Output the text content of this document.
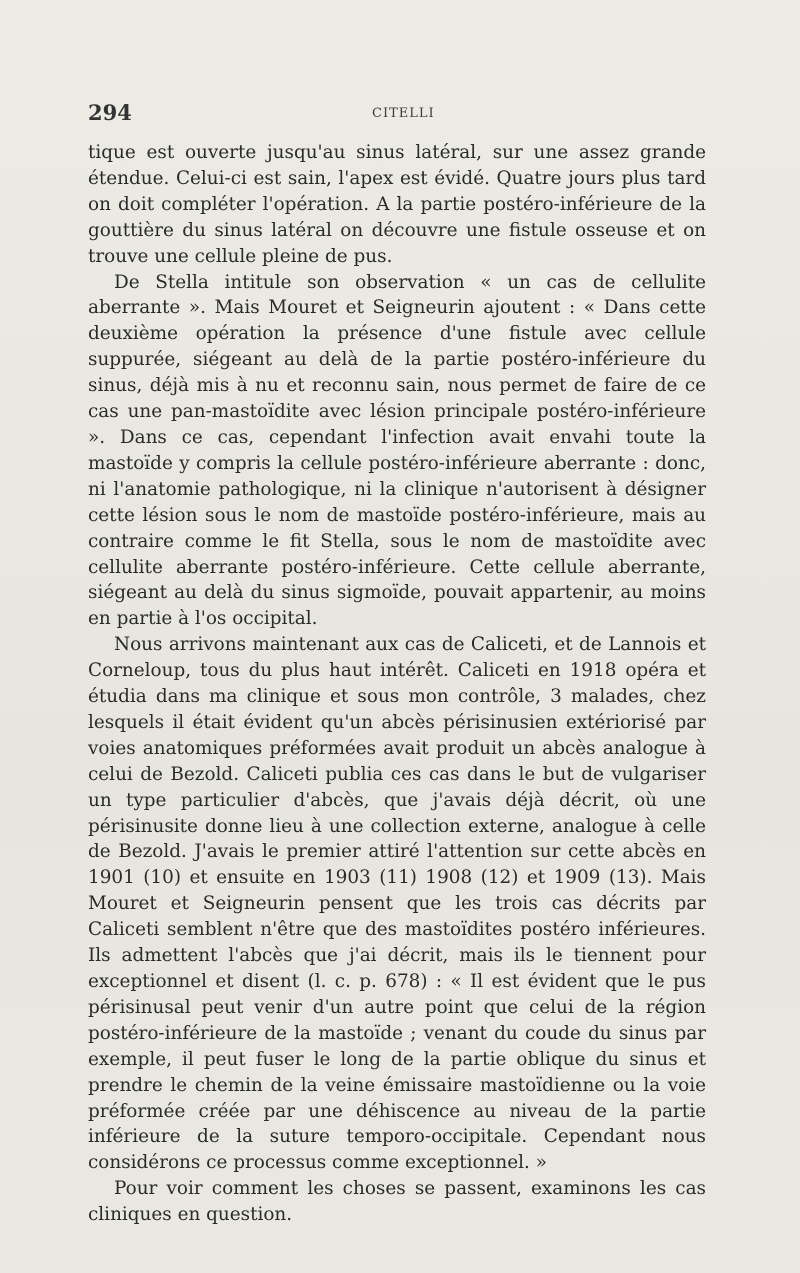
294	CITELLI

tique est ouverte jusqu'au sinus latéral, sur une assez grande étendue. Celui-ci est sain, l'apex est évidé. Quatre jours plus tard on doit compléter l'opération. A la partie postéro-inférieure de la gouttière du sinus latéral on découvre une fistule osseuse et on trouve une cellule pleine de pus.

De Stella intitule son observation « un cas de cellulite aberrante ». Mais Mouret et Seigneurin ajoutent : « Dans cette deuxième opération la présence d'une fistule avec cellule suppurée, siégeant au delà de la partie postéro-inférieure du sinus, déjà mis à nu et reconnu sain, nous permet de faire de ce cas une pan-mastoïdite avec lésion principale postéro-inférieure ». Dans ce cas, cependant l'infection avait envahi toute la mastoïde y compris la cellule postéro-inférieure aberrante : donc, ni l'anatomie pathologique, ni la clinique n'autorisent à désigner cette lésion sous le nom de mastoïde postéro-inférieure, mais au contraire comme le fit Stella, sous le nom de mastoïdite avec cellulite aberrante postéro-inférieure. Cette cellule aberrante, siégeant au delà du sinus sigmoïde, pouvait appartenir, au moins en partie à l'os occipital.

Nous arrivons maintenant aux cas de Caliceti, et de Lannois et Corneloup, tous du plus haut intérêt. Caliceti en 1918 opéra et étudia dans ma clinique et sous mon contrôle, 3 malades, chez lesquels il était évident qu'un abcès périsinusien extériorisé par voies anatomiques préformées avait produit un abcès analogue à celui de Bezold. Caliceti publia ces cas dans le but de vulgariser un type particulier d'abcès, que j'avais déjà décrit, où une périsinusite donne lieu à une collection externe, analogue à celle de Bezold. J'avais le premier attiré l'attention sur cette abcès en 1901 (10) et ensuite en 1903 (11) 1908 (12) et 1909 (13). Mais Mouret et Seigneurin pensent que les trois cas décrits par Caliceti semblent n'être que des mastoïdites postéro inférieures. Ils admettent l'abcès que j'ai décrit, mais ils le tiennent pour exceptionnel et disent (l. c. p. 678) : « Il est évident que le pus périsinusal peut venir d'un autre point que celui de la région postéro-inférieure de la mastoïde ; venant du coude du sinus par exemple, il peut fuser le long de la partie oblique du sinus et prendre le chemin de la veine émissaire mastoïdienne ou la voie préformée créée par une déhiscence au niveau de la partie inférieure de la suture temporo-occipitale. Cependant nous considérons ce processus comme exceptionnel. »

Pour voir comment les choses se passent, examinons les cas cliniques en question.
